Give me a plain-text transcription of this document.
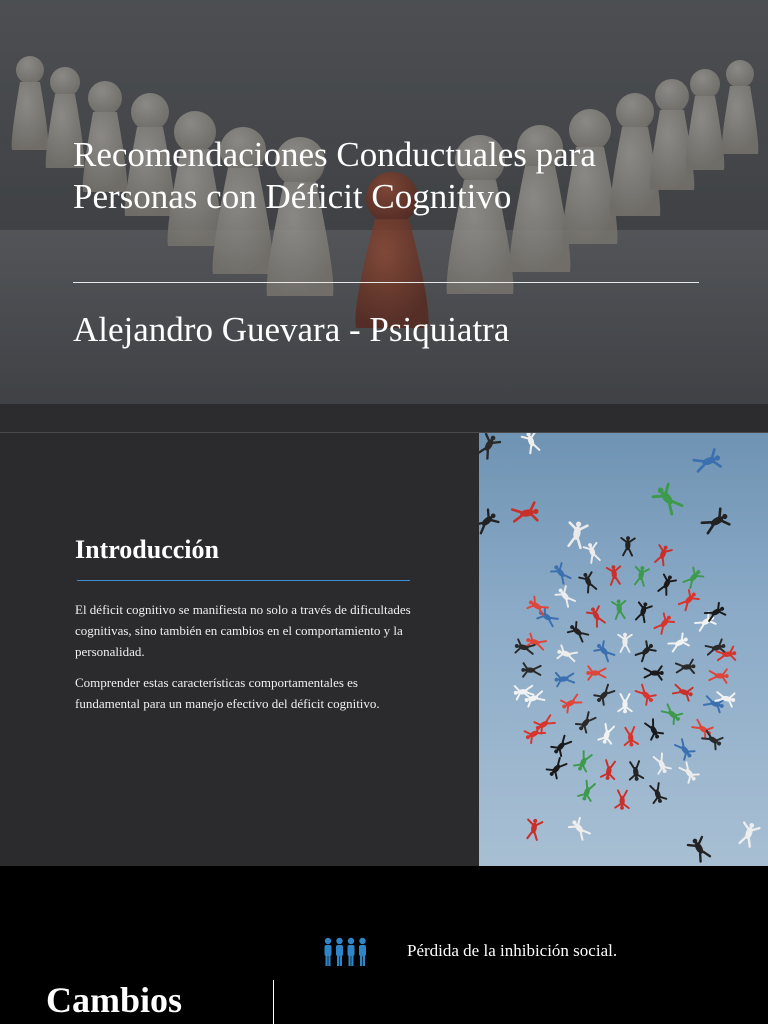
Recomendaciones Conductuales para
Personas con Déficit Cognitivo
Alejandro Guevara - Psiquiatra
Introducción

El déficit cognitivo se manifiesta no solo a través de dificultades cognitivas, sino también en cambios en el comportamiento y la personalidad.

Comprender estas características comportamentales es fundamental para un manejo efectivo del déficit cognitivo.

Pérdida de la inhibición social.
Cambios
